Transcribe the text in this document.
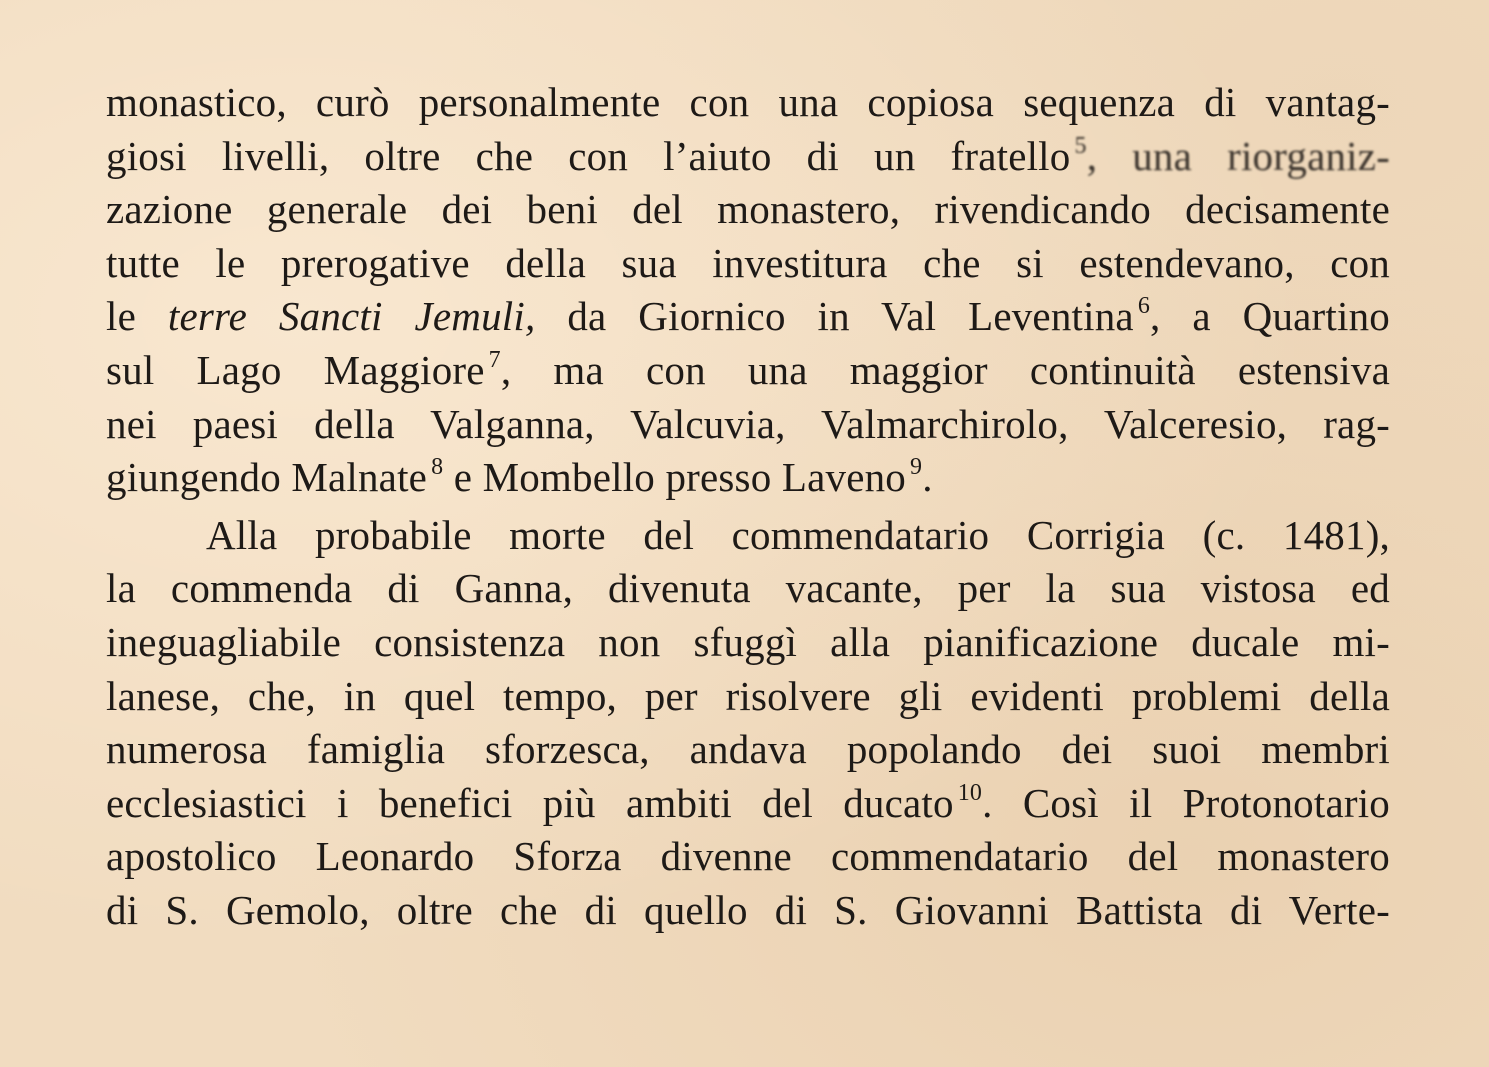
monastico, curò personalmente con una copiosa sequenza di vantag-
giosi livelli, oltre che con l’aiuto di un fratello $^5$, una riorganiz-
zazione generale dei beni del monastero, rivendicando decisamente
tutte le prerogative della sua investitura che si estendevano, con
le terre Sancti Jemuli, da Giornico in Val Leventina $^6$, a Quartino
sul Lago Maggiore $^7$, ma con una maggior continuità estensiva
nei paesi della Valganna, Valcuvia, Valmarchirolo, Valceresio, rag-
giungendo Malnate $^8$ e Mombello presso Laveno $^9$.
Alla probabile morte del commendatario Corrigia (c. 1481),
la commenda di Ganna, divenuta vacante, per la sua vistosa ed
ineguagliabile consistenza non sfuggì alla pianificazione ducale mi-
lanese, che, in quel tempo, per risolvere gli evidenti problemi della
numerosa famiglia sforzesca, andava popolando dei suoi membri
ecclesiastici i benefici più ambiti del ducato $^{10}$. Così il Protonotario
apostolico Leonardo Sforza divenne commendatario del monastero
di S. Gemolo, oltre che di quello di S. Giovanni Battista di Verte-
